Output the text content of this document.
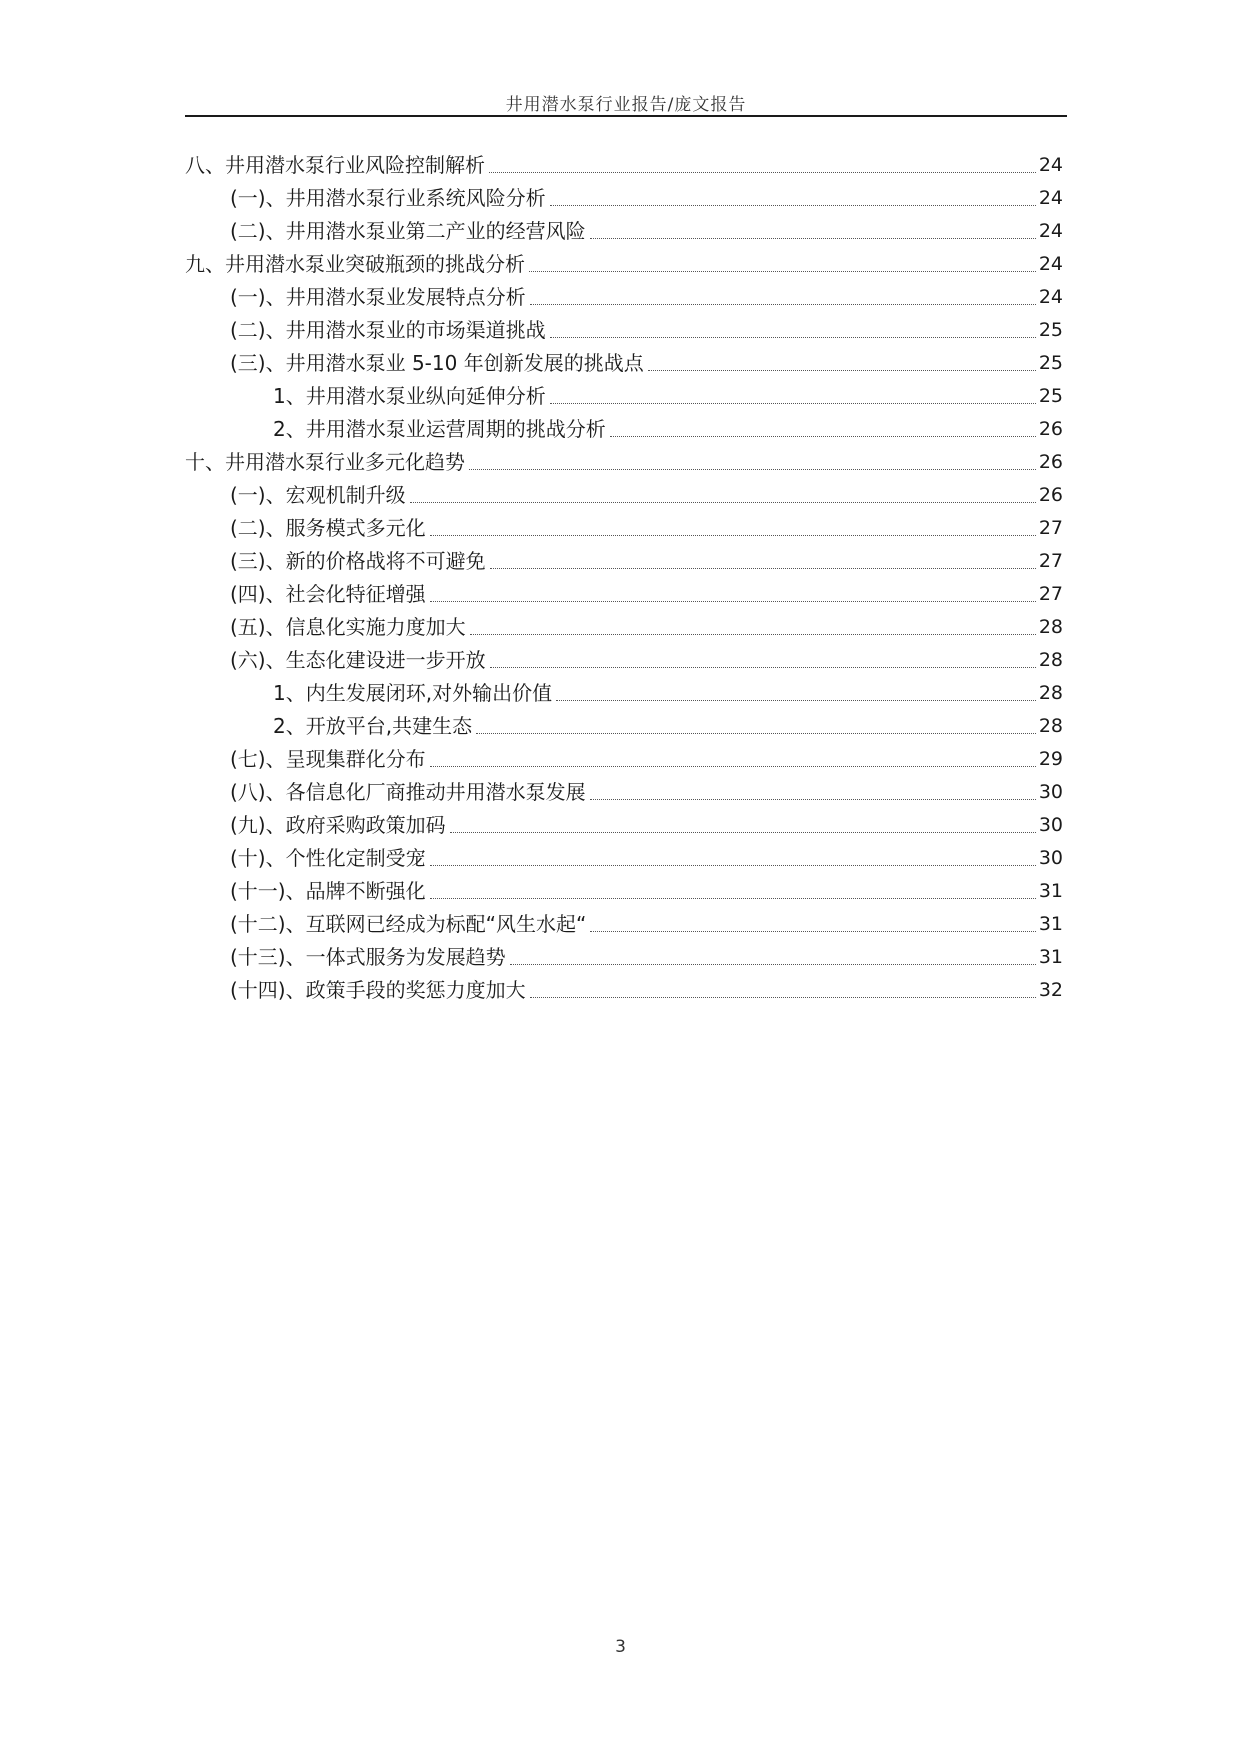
井用潜水泵行业报告/庞文报告
八、井用潜水泵行业风险控制解析	24
(一)、井用潜水泵行业系统风险分析	24
(二)、井用潜水泵业第二产业的经营风险	24
九、井用潜水泵业突破瓶颈的挑战分析	24
(一)、井用潜水泵业发展特点分析	24
(二)、井用潜水泵业的市场渠道挑战	25
(三)、井用潜水泵业 5-10 年创新发展的挑战点	25
1、井用潜水泵业纵向延伸分析	25
2、井用潜水泵业运营周期的挑战分析	26
十、井用潜水泵行业多元化趋势	26
(一)、宏观机制升级	26
(二)、服务模式多元化	27
(三)、新的价格战将不可避免	27
(四)、社会化特征增强	27
(五)、信息化实施力度加大	28
(六)、生态化建设进一步开放	28
1、内生发展闭环,对外输出价值	28
2、开放平台,共建生态	28
(七)、呈现集群化分布	29
(八)、各信息化厂商推动井用潜水泵发展	30
(九)、政府采购政策加码	30
(十)、个性化定制受宠	30
(十一)、品牌不断强化	31
(十二)、互联网已经成为标配“风生水起“	31
(十三)、一体式服务为发展趋势	31
(十四)、政策手段的奖惩力度加大	32
3
